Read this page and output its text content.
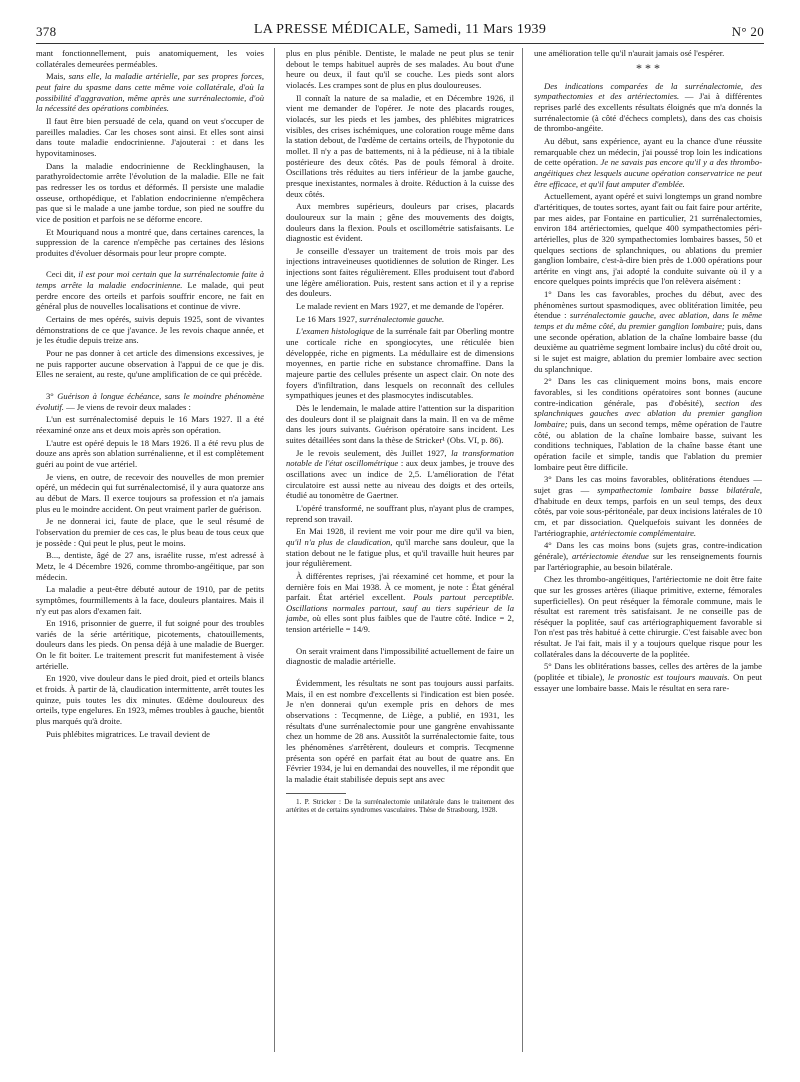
378	LA PRESSE MÉDICALE, Samedi, 11 Mars 1939	N° 20

mant fonctionnellement, puis anatomiquement, les voies collatérales demeurées perméables.

Mais, sans elle, la maladie artérielle, par ses propres forces, peut faire du spasme dans cette même voie collatérale, d'où la possibilité d'aggravation, même après une surrénalectomie, d'où la nécessité des opérations combinées.

Il faut être bien persuadé de cela, quand on veut s'occuper de pareilles maladies. Car les choses sont ainsi. Et elles sont ainsi dans toute maladie endocrinienne. J'ajouterai : et dans les hypovitaminoses.

Dans la maladie endocrinienne de Recklinghausen, la parathyroïdectomie arrête l'évolution de la maladie. Elle ne fait pas redresser les os tordus et déformés. Il persiste une maladie osseuse, orthopédique, et l'ablation endocrinienne n'empêchera pas que si le malade a une jambe tordue, son pied ne souffre du vice de position et parfois ne se déforme encore.

Et Mouriquand nous a montré que, dans certaines carences, la suppression de la carence n'empêche pas certaines des lésions produites d'évoluer désormais pour leur propre compte.

Ceci dit, il est pour moi certain que la surrénalectomie faite à temps arrête la maladie endocrinienne. Le malade, qui peut perdre encore des orteils et parfois souffrir encore, ne fait en général plus de nouvelles localisations et continue de vivre.

Certains de mes opérés, suivis depuis 1925, sont de vivantes démonstrations de ce que j'avance. Je les revois chaque année, et je les étudie depuis treize ans.

Pour ne pas donner à cet article des dimensions excessives, je ne puis rapporter aucune observation à l'appui de ce que je dis. Elles ne seraient, au reste, qu'une amplification de ce qui précède.

3° Guérison à longue échéance, sans le moindre phénomène évolutif. — Je viens de revoir deux malades :

L'un est surrénalectomisé depuis le 16 Mars 1927. Il a été réexaminé onze ans et deux mois après son opération.

L'autre est opéré depuis le 18 Mars 1926. Il a été revu plus de douze ans après son ablation surrénalienne, et il est complètement guéri au point de vue artériel.

Je viens, en outre, de recevoir des nouvelles de mon premier opéré, un médecin qui fut surrénalectomisé, il y aura quatorze ans au début de Mars. Il exerce toujours sa profession et n'a jamais plus eu le moindre accident. On peut vraiment parler de guérison.

Je ne donnerai ici, faute de place, que le seul résumé de l'observation du premier de ces cas, le plus beau de tous ceux que je possède : Qui peut le plus, peut le moins.

B..., dentiste, âgé de 27 ans, israélite russe, m'est adressé à Metz, le 4 Décembre 1926, comme thrombo-angéitique, par son médecin.

La maladie a peut-être débuté autour de 1910, par de petits symptômes, fourmillements à la face, douleurs plantaires. Mais il n'y eut pas alors d'examen fait.

En 1916, prisonnier de guerre, il fut soigné pour des troubles variés de la série artéritique, picotements, chatouillements, douleurs dans les pieds. On pensa déjà à une maladie de Buerger. On le fit boiter. Le traitement prescrit fut manifestement à visée artérielle.

En 1920, vive douleur dans le pied droit, pied et orteils blancs et froids. À partir de là, claudication intermittente, arrêt toutes les quinze, puis toutes les dix minutes. Œdème douloureux des orteils, type engelures. En 1923, mêmes troubles à gauche, bientôt plus marqués qu'à droite.

Puis phlébites migratrices. Le travail devient de

plus en plus pénible. Dentiste, le malade ne peut plus se tenir debout le temps habituel auprès de ses malades. Au bout d'une heure ou deux, il faut qu'il se couche. Les pieds sont alors violacés. Les crampes sont de plus en plus douloureuses.

Il connaît la nature de sa maladie, et en Décembre 1926, il vient me demander de l'opérer. Je note des placards rouges, violacés, sur les pieds et les jambes, des phlébites migratrices visibles, des crises ischémiques, une coloration rouge même dans la station debout, de l'œdème de certains orteils, de l'hypotonie du mollet. Il n'y a pas de battements, ni à la pédieuse, ni à la tibiale postérieure des deux côtés. Pas de pouls fémoral à droite. Oscillations très réduites au tiers inférieur de la jambe gauche, presque inexistantes, normales à droite. Réduction à la cuisse des deux côtés.

Aux membres supérieurs, douleurs par crises, placards douloureux sur la main ; gêne des mouvements des doigts, douleurs dans la flexion. Pouls et oscillométrie satisfaisants. Le diagnostic est évident.

Je conseille d'essayer un traitement de trois mois par des injections intraveineuses quotidiennes de solution de Ringer. Les injections sont faites régulièrement. Elles produisent tout d'abord une légère amélioration. Puis, restent sans action et il y a reprise des douleurs.

Le malade revient en Mars 1927, et me demande de l'opérer.

Le 16 Mars 1927, surrénalectomie gauche.

L'examen histologique de la surrénale fait par Oberling montre une corticale riche en spongiocytes, une réticulée bien développée, riche en pigments. La médullaire est de dimensions moyennes, en partie riche en substance chromaffine. Dans la majeure partie des cellules présente un aspect clair. On note des foyers d'infiltration, dans lesquels on reconnaît des cellules sympathiques jeunes et des plasmocytes indiscutables.

Dès le lendemain, le malade attire l'attention sur la disparition des douleurs dont il se plaignait dans la main. Il en va de même dans les jours suivants. Guérison opératoire sans incident. Les suites détaillées sont dans la thèse de Stricker¹ (Obs. VI, p. 86).

Je le revois seulement, dès Juillet 1927, la transformation notable de l'état oscillométrique : aux deux jambes, je trouve des oscillations avec un indice de 2,5. L'amélioration de l'état circulatoire est aussi nette au niveau des doigts et des orteils, étudié au tonomètre de Gaertner.

L'opéré transformé, ne souffrant plus, n'ayant plus de crampes, reprend son travail.

En Mai 1928, il revient me voir pour me dire qu'il va bien, qu'il n'a plus de claudication, qu'il marche sans douleur, que la station debout ne le fatigue plus, et qu'il travaille huit heures par jour régulièrement.

À différentes reprises, j'ai réexaminé cet homme, et pour la dernière fois en Mai 1938. À ce moment, je note : État général parfait. État artériel excellent. Pouls partout perceptible. Oscillations normales partout, sauf au tiers supérieur de la jambe, où elles sont plus faibles que de l'autre côté. Indice = 2, tension artérielle = 14/9.

On serait vraiment dans l'impossibilité actuellement de faire un diagnostic de maladie artérielle.

Évidemment, les résultats ne sont pas toujours aussi parfaits. Mais, il en est nombre d'excellents si l'indication est bien posée. Je n'en donnerai qu'un exemple pris en dehors de mes observations : Tecqmenne, de Liège, a publié, en 1931, les résultats d'une surrénalectomie pour une gangrène envahissante chez un homme de 28 ans. Aussitôt la surrénalectomie faite, tous les phénomènes s'arrêtèrent, douleurs et compris. Tecqmenne présenta son opéré en parfait état au bout de quatre ans. En Février 1934, je lui en demandai des nouvelles, il me répondit que la maladie était stabilisée depuis sept ans avec

1. P. Stricker : De la surrénalectomie unilatérale dans le traitement des artérites et de certains syndromes vasculaires. Thèse de Strasbourg, 1928.

une amélioration telle qu'il n'aurait jamais osé l'espérer.

* * *

Des indications comparées de la surrénalectomie, des sympathectomies et des artériectomies. — J'ai à différentes reprises parlé des excellents résultats éloignés que m'a donnés la surrénalectomie (à côté d'échecs complets), dans des cas choisis de thrombo-angéite.

Au début, sans expérience, ayant eu la chance d'une réussite remarquable chez un médecin, j'ai poussé trop loin les indications de cette opération. Je ne savais pas encore qu'il y a des thrombo-angéitiques chez lesquels aucune opération conservatrice ne peut être efficace, et qu'il faut amputer d'emblée.

Actuellement, ayant opéré et suivi longtemps un grand nombre d'artéritiques, de toutes sortes, ayant fait ou fait faire pour artérite, par mes aides, par Fontaine en particulier, 21 surrénalectomies, environ 184 artériectomies, quelque 400 sympathectomies péri-artérielles, plus de 320 sympathectomies lombaires basses, 50 et quelques sections de splanchniques, ou ablations du premier ganglion lombaire, c'est-à-dire bien près de 1.000 opérations pour artérite en vingt ans, j'ai adopté la conduite suivante où il y a encore quelques points imprécis que l'on relèvera aisément :

1° Dans les cas favorables, proches du début, avec des phénomènes surtout spasmodiques, avec oblitération limitée, peu étendue : surrénalectomie gauche, avec ablation, dans le même temps et du même côté, du premier ganglion lombaire; puis, dans une seconde opération, ablation de la chaîne lombaire basse (du deuxième au quatrième segment lombaire inclus) du côté droit ou, si le sujet est maigre, ablation du premier lombaire avec section du splanchnique.

2° Dans les cas cliniquement moins bons, mais encore favorables, si les conditions opératoires sont bonnes (aucune contre-indication générale, pas d'obésité), section des splanchniques gauches avec ablation du premier ganglion lombaire; puis, dans un second temps, même opération de l'autre côté, ou ablation de la chaîne lombaire basse, suivant les conditions techniques, l'ablation de la chaîne basse étant une opération facile et simple, tandis que l'ablation du premier lombaire peut être difficile.

3° Dans les cas moins favorables, oblitérations étendues — sujet gras — sympathectomie lombaire basse bilatérale, d'habitude en deux temps, parfois en un seul temps, des deux côtés, par voie sous-péritonéale, par deux incisions latérales de 10 cm, et par dissociation. Quelquefois suivant les données de l'artériographie, artériectomie complémentaire.

4° Dans les cas moins bons (sujets gras, contre-indication générale), artériectomie étendue sur les renseignements fournis par l'artériographie, au besoin bilatérale.

Chez les thrombo-angéitiques, l'artériectomie ne doit être faite que sur les grosses artères (iliaque primitive, externe, fémorales superficielles). On peut réséquer la fémorale commune, mais le résultat est rarement très satisfaisant. Je ne conseille pas de réséquer la poplitée, sauf cas artériographiquement favorable si l'on n'est pas très habitué à cette chirurgie. C'est faisable avec bon résultat. Je l'ai fait, mais il y a toujours quelque risque pour les collatérales dans la découverte de la poplitée.

5° Dans les oblitérations basses, celles des artères de la jambe (poplitée et tibiale), le pronostic est toujours mauvais. On peut essayer une lombaire basse. Mais le résultat en sera rare-
